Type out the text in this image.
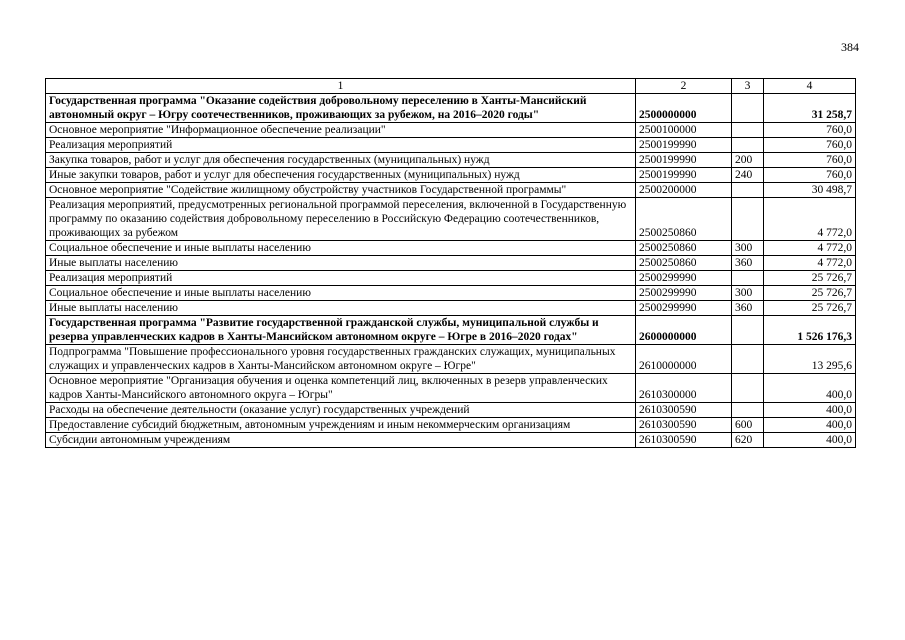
384
1	2	3	4
Государственная программа "Оказание содействия добровольному переселению в Ханты-Мансийский автономный округ – Югру соотечественников, проживающих за рубежом, на 2016–2020 годы"	2500000000		31 258,7
Основное мероприятие "Информационное обеспечение реализации"	2500100000		760,0
Реализация мероприятий	2500199990		760,0
Закупка товаров, работ и услуг для обеспечения государственных (муниципальных) нужд	2500199990	200	760,0
Иные закупки товаров, работ и услуг для обеспечения государственных (муниципальных) нужд	2500199990	240	760,0
Основное мероприятие "Содействие жилищному обустройству участников Государственной программы"	2500200000		30 498,7
Реализация мероприятий, предусмотренных региональной программой переселения, включенной в Государственную программу по оказанию содействия добровольному переселению в Российскую Федерацию соотечественников, проживающих за рубежом	2500250860		4 772,0
Социальное обеспечение и иные выплаты населению	2500250860	300	4 772,0
Иные выплаты населению	2500250860	360	4 772,0
Реализация мероприятий	2500299990		25 726,7
Социальное обеспечение и иные выплаты населению	2500299990	300	25 726,7
Иные выплаты населению	2500299990	360	25 726,7
Государственная программа "Развитие государственной гражданской службы, муниципальной службы и резерва управленческих кадров в Ханты-Мансийском автономном округе – Югре в 2016–2020 годах"	2600000000		1 526 176,3
Подпрограмма "Повышение профессионального уровня государственных гражданских служащих, муниципальных служащих и управленческих кадров в Ханты-Мансийском автономном округе – Югре"	2610000000		13 295,6
Основное мероприятие "Организация обучения и оценка компетенций лиц, включенных в резерв управленческих кадров Ханты-Мансийского автономного округа – Югры"	2610300000		400,0
Расходы на обеспечение деятельности (оказание услуг) государственных учреждений	2610300590		400,0
Предоставление субсидий бюджетным, автономным учреждениям и иным некоммерческим организациям	2610300590	600	400,0
Субсидии автономным учреждениям	2610300590	620	400,0
